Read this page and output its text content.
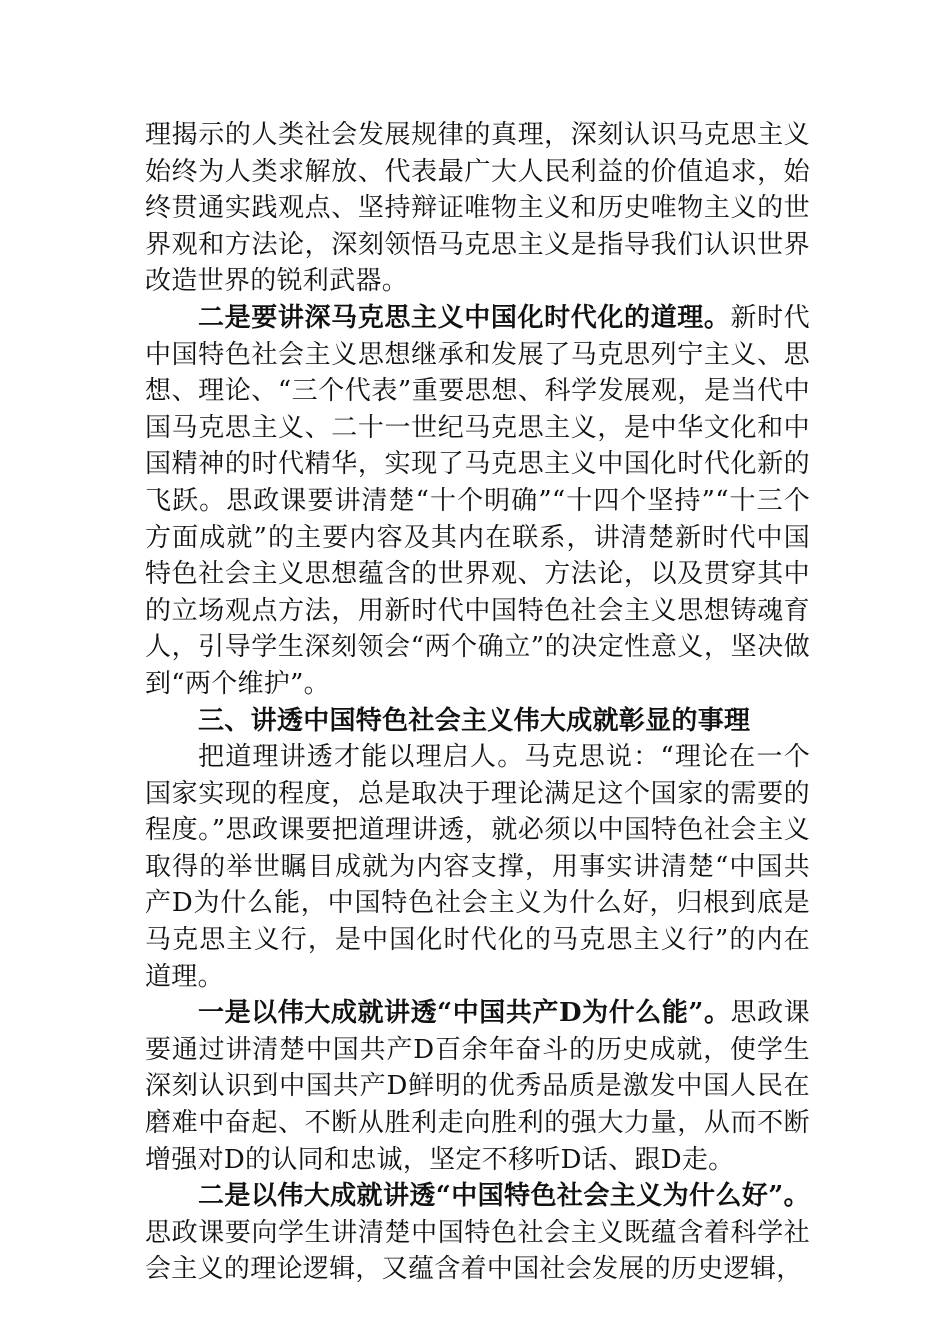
理揭示的人类社会发展规律的真理，深刻认识马克思主义始终为人类求解放、代表最广大人民利益的价值追求，始终贯通实践观点、坚持辩证唯物主义和历史唯物主义的世界观和方法论，深刻领悟马克思主义是指导我们认识世界改造世界的锐利武器。

二是要讲深马克思主义中国化时代化的道理。新时代中国特色社会主义思想继承和发展了马克思列宁主义、思想、理论、“三个代表”重要思想、科学发展观，是当代中国马克思主义、二十一世纪马克思主义，是中华文化和中国精神的时代精华，实现了马克思主义中国化时代化新的飞跃。思政课要讲清楚“十个明确”“十四个坚持”“十三个方面成就”的主要内容及其内在联系，讲清楚新时代中国特色社会主义思想蕴含的世界观、方法论，以及贯穿其中的立场观点方法，用新时代中国特色社会主义思想铸魂育人，引导学生深刻领会“两个确立”的决定性意义，坚决做到“两个维护”。

三、讲透中国特色社会主义伟大成就彰显的事理

把道理讲透才能以理启人。马克思说：“理论在一个国家实现的程度，总是取决于理论满足这个国家的需要的程度。”思政课要把道理讲透，就必须以中国特色社会主义取得的举世瞩目成就为内容支撑，用事实讲清楚“中国共产D为什么能，中国特色社会主义为什么好，归根到底是马克思主义行，是中国化时代化的马克思主义行”的内在道理。

一是以伟大成就讲透“中国共产D为什么能”。思政课要通过讲清楚中国共产D百余年奋斗的历史成就，使学生深刻认识到中国共产D鲜明的优秀品质是激发中国人民在磨难中奋起、不断从胜利走向胜利的强大力量，从而不断增强对D的认同和忠诚，坚定不移听D话、跟D走。

二是以伟大成就讲透“中国特色社会主义为什么好”。思政课要向学生讲清楚中国特色社会主义既蕴含着科学社会主义的理论逻辑，又蕴含着中国社会发展的历史逻辑，
